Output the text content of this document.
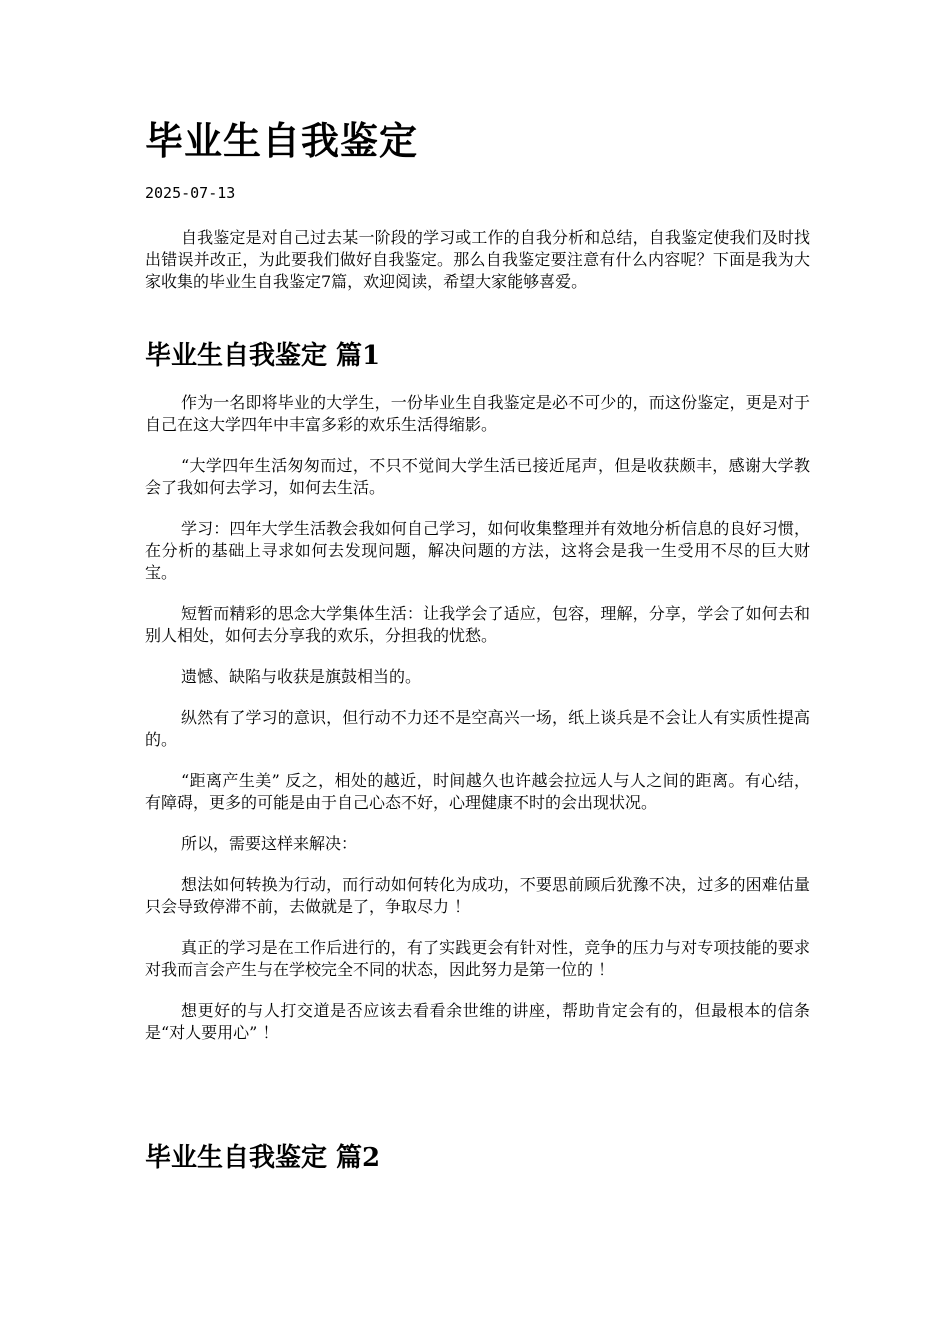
毕业生自我鉴定
2025-07-13

自我鉴定是对自己过去某一阶段的学习或工作的自我分析和总结，自我鉴定使我们及时找出错误并改正，为此要我们做好自我鉴定。那么自我鉴定要注意有什么内容呢？下面是我为大家收集的毕业生自我鉴定7篇，欢迎阅读，希望大家能够喜爱。

毕业生自我鉴定 篇1

作为一名即将毕业的大学生，一份毕业生自我鉴定是必不可少的，而这份鉴定，更是对于自己在这大学四年中丰富多彩的欢乐生活得缩影。

“大学四年生活匆匆而过，不只不觉间大学生活已接近尾声，但是收获颇丰，感谢大学教会了我如何去学习，如何去生活。

学习：四年大学生活教会我如何自己学习，如何收集整理并有效地分析信息的良好习惯，在分析的基础上寻求如何去发现问题，解决问题的方法，这将会是我一生受用不尽的巨大财宝。

短暂而精彩的思念大学集体生活：让我学会了适应，包容，理解，分享，学会了如何去和别人相处，如何去分享我的欢乐，分担我的忧愁。

遗憾、缺陷与收获是旗鼓相当的。

纵然有了学习的意识，但行动不力还不是空高兴一场，纸上谈兵是不会让人有实质性提高的。

“距离产生美” 反之，相处的越近，时间越久也许越会拉远人与人之间的距离。有心结，有障碍，更多的可能是由于自己心态不好，心理健康不时的会出现状况。

所以，需要这样来解决：

想法如何转换为行动，而行动如何转化为成功，不要思前顾后犹豫不决，过多的困难估量只会导致停滞不前，去做就是了，争取尽力 ！

真正的学习是在工作后进行的，有了实践更会有针对性，竞争的压力与对专项技能的要求对我而言会产生与在学校完全不同的状态，因此努力是第一位的 ！

想更好的与人打交道是否应该去看看余世维的讲座，帮助肯定会有的，但最根本的信条是“对人要用心” ！

毕业生自我鉴定 篇2
